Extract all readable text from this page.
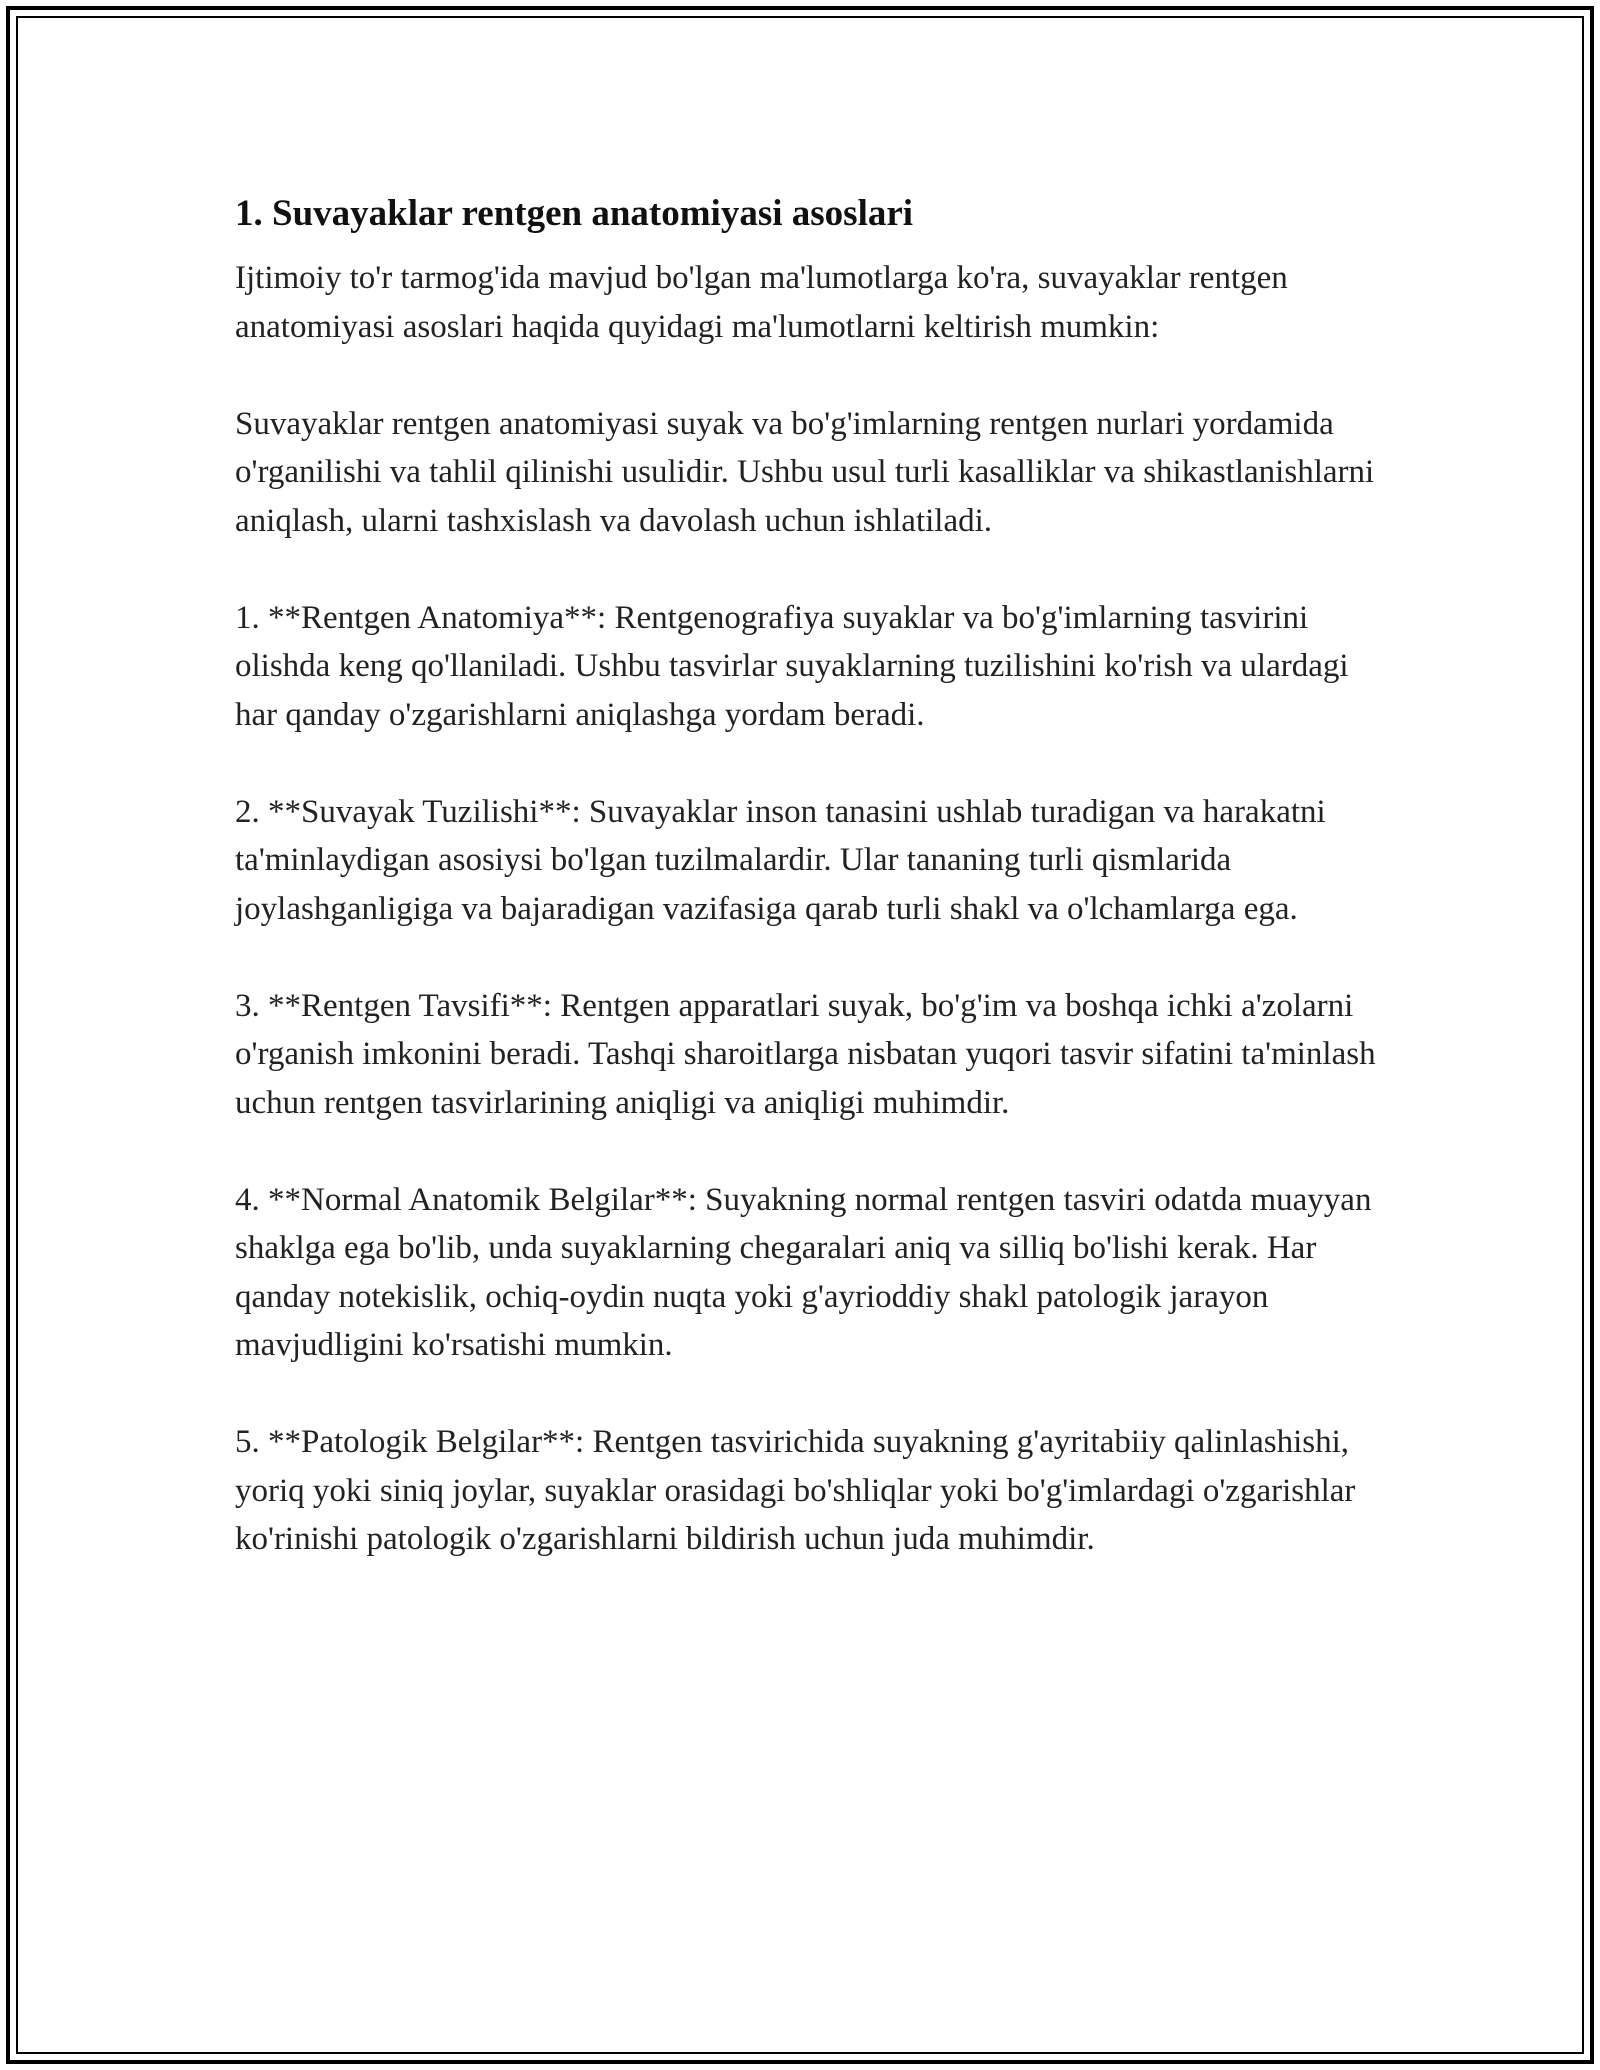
1. Suvayaklar rentgen anatomiyasi asoslari

Ijtimoiy to'r tarmog'ida mavjud bo'lgan ma'lumotlarga ko'ra, suvayaklar rentgen anatomiyasi asoslari haqida quyidagi ma'lumotlarni keltirish mumkin:

Suvayaklar rentgen anatomiyasi suyak va bo'g'imlarning rentgen nurlari yordamida o'rganilishi va tahlil qilinishi usulidir. Ushbu usul turli kasalliklar va shikastlanishlarni aniqlash, ularni tashxislash va davolash uchun ishlatiladi.

1. **Rentgen Anatomiya**: Rentgenografiya suyaklar va bo'g'imlarning tasvirini olishda keng qo'llaniladi. Ushbu tasvirlar suyaklarning tuzilishini ko'rish va ulardagi har qanday o'zgarishlarni aniqlashga yordam beradi.

2. **Suvayak Tuzilishi**: Suvayaklar inson tanasini ushlab turadigan va harakatni ta'minlaydigan asosiysi bo'lgan tuzilmalardir. Ular tananing turli qismlarida joylashganligiga va bajaradigan vazifasiga qarab turli shakl va o'lchamlarga ega.

3. **Rentgen Tavsifi**: Rentgen apparatlari suyak, bo'g'im va boshqa ichki a'zolarni o'rganish imkonini beradi. Tashqi sharoitlarga nisbatan yuqori tasvir sifatini ta'minlash uchun rentgen tasvirlarining aniqligi va aniqligi muhimdir.

4. **Normal Anatomik Belgilar**: Suyakning normal rentgen tasviri odatda muayyan shaklga ega bo'lib, unda suyaklarning chegaralari aniq va silliq bo'lishi kerak. Har qanday notekislik, ochiq-oydin nuqta yoki g'ayrioddiy shakl patologik jarayon mavjudligini ko'rsatishi mumkin.

5. **Patologik Belgilar**: Rentgen tasvirichida suyakning g'ayritabiiy qalinlashishi, yoriq yoki siniq joylar, suyaklar orasidagi bo'shliqlar yoki bo'g'imlardagi o'zgarishlar ko'rinishi patologik o'zgarishlarni bildirish uchun juda muhimdir.
